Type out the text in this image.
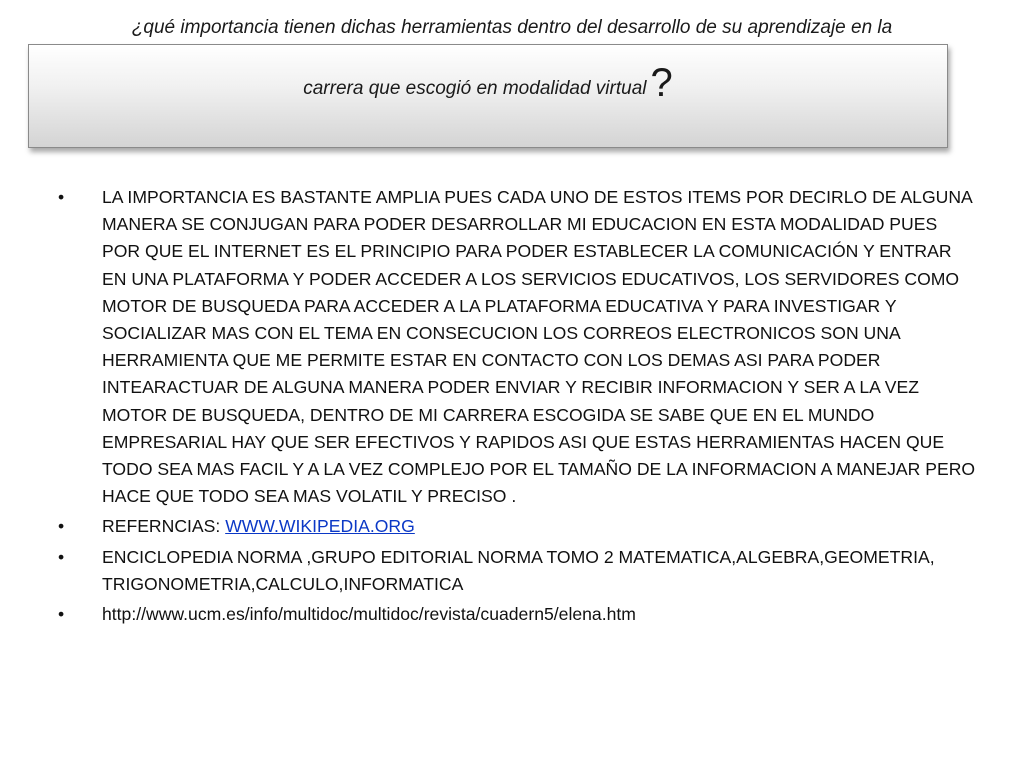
¿qué importancia tienen dichas herramientas dentro del desarrollo de su aprendizaje en la
carrera que escogió en modalidad virtual ?
•	LA IMPORTANCIA ES BASTANTE AMPLIA PUES CADA UNO DE ESTOS ITEMS POR DECIRLO DE ALGUNA MANERA SE CONJUGAN PARA PODER DESARROLLAR MI EDUCACION EN ESTA MODALIDAD PUES POR QUE EL INTERNET ES EL PRINCIPIO PARA PODER ESTABLECER LA COMUNICACIÓN Y ENTRAR EN UNA PLATAFORMA Y PODER ACCEDER A LOS SERVICIOS EDUCATIVOS, LOS SERVIDORES COMO MOTOR DE BUSQUEDA PARA ACCEDER A LA PLATAFORMA EDUCATIVA Y PARA INVESTIGAR Y SOCIALIZAR MAS CON EL TEMA EN CONSECUCION LOS CORREOS ELECTRONICOS SON UNA HERRAMIENTA QUE ME PERMITE ESTAR EN CONTACTO CON LOS DEMAS ASI PARA PODER INTEARACTUAR DE ALGUNA MANERA PODER ENVIAR Y RECIBIR INFORMACION Y SER A LA VEZ MOTOR DE BUSQUEDA, DENTRO DE MI CARRERA ESCOGIDA SE SABE QUE EN EL MUNDO EMPRESARIAL HAY QUE SER EFECTIVOS Y RAPIDOS ASI QUE ESTAS HERRAMIENTAS HACEN QUE TODO SEA MAS FACIL Y A LA VEZ COMPLEJO POR EL TAMAÑO DE LA INFORMACION A MANEJAR PERO HACE QUE TODO SEA MAS VOLATIL Y PRECISO .
•	REFERNCIAS: WWW.WIKIPEDIA.ORG
•	ENCICLOPEDIA NORMA ,GRUPO EDITORIAL NORMA TOMO 2 MATEMATICA,ALGEBRA,GEOMETRIA, TRIGONOMETRIA,CALCULO,INFORMATICA
•	http://www.ucm.es/info/multidoc/multidoc/revista/cuadern5/elena.htm
